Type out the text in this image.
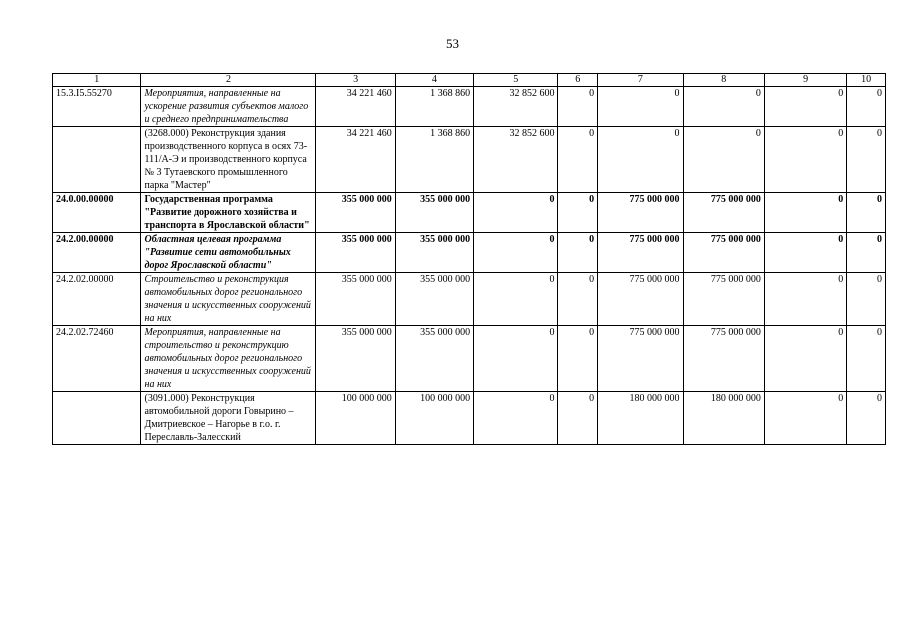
53
1	2	3	4	5	6	7	8	9	10
15.3.I5.55270	Мероприятия, направленные на ускорение развития субъектов малого и среднего предпринимательства	34 221 460	1 368 860	32 852 600	0	0	0	0	0
	(3268.000) Реконструкция здания производственного корпуса в осях 73-111/А-Э и производственного корпуса № 3 Тутаевского промышленного парка "Мастер"	34 221 460	1 368 860	32 852 600	0	0	0	0	0
24.0.00.00000	Государственная программа "Развитие дорожного хозяйства и транспорта в Ярославской области"	355 000 000	355 000 000	0	0	775 000 000	775 000 000	0	0
24.2.00.00000	Областная целевая программа "Развитие сети автомобильных дорог Ярославской области"	355 000 000	355 000 000	0	0	775 000 000	775 000 000	0	0
24.2.02.00000	Строительство и реконструкция автомобильных дорог регионального значения и искусственных сооружений на них	355 000 000	355 000 000	0	0	775 000 000	775 000 000	0	0
24.2.02.72460	Мероприятия, направленные на строительство и реконструкцию автомобильных дорог регионального значения и искусственных сооружений на них	355 000 000	355 000 000	0	0	775 000 000	775 000 000	0	0
	(3091.000) Реконструкция автомобильной дороги Говырино – Дмитриевское – Нагорье в г.о. г. Переславль-Залесский	100 000 000	100 000 000	0	0	180 000 000	180 000 000	0	0
